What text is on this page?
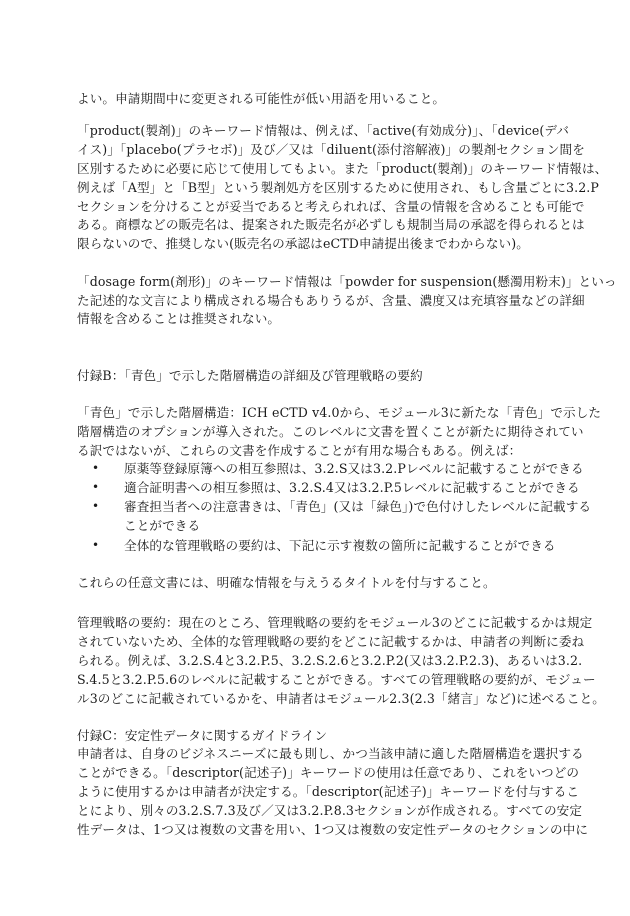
よい。申請期間中に変更される可能性が低い用語を用いること。
「product(製剤)」のキーワード情報は、例えば、「active(有効成分)」、「device(デバ
イス)」「placebo(プラセボ)」及び／又は「diluent(添付溶解液)」の製剤セクション間を
区別するために必要に応じて使用してもよい。また「product(製剤)」のキーワード情報は、
例えば「A型」と「B型」という製剤処方を区別するために使用され、もし含量ごとに3.2.P
セクションを分けることが妥当であると考えられれば、含量の情報を含めることも可能で
ある。商標などの販売名は、提案された販売名が必ずしも規制当局の承認を得られるとは
限らないので、推奨しない(販売名の承認はeCTD申請提出後までわからない)。
「dosage form(剤形)」のキーワード情報は「powder for suspension(懸濁用粉末)」といっ
た記述的な文言により構成される場合もありうるが、含量、濃度又は充填容量などの詳細
情報を含めることは推奨されない。
付録B：「青色」で示した階層構造の詳細及び管理戦略の要約
「青色」で示した階層構造：ICH eCTD v4.0から、モジュール3に新たな「青色」で示した
階層構造のオプションが導入された。このレベルに文書を置くことが新たに期待されてい
る訳ではないが、これらの文書を作成することが有用な場合もある。例えば：
• 原薬等登録原簿への相互参照は、3.2.S又は3.2.Pレベルに記載することができる
• 適合証明書への相互参照は、3.2.S.4又は3.2.P.5レベルに記載することができる
• 審査担当者への注意書きは、「青色」(又は「緑色」)で色付けしたレベルに記載する
ことができる
• 全体的な管理戦略の要約は、下記に示す複数の箇所に記載することができる
これらの任意文書には、明確な情報を与えうるタイトルを付与すること。
管理戦略の要約：現在のところ、管理戦略の要約をモジュール3のどこに記載するかは規定
されていないため、全体的な管理戦略の要約をどこに記載するかは、申請者の判断に委ね
られる。例えば、3.2.S.4と3.2.P.5、3.2.S.2.6と3.2.P.2(又は3.2.P.2.3)、あるいは3.2.
S.4.5と3.2.P.5.6のレベルに記載することができる。すべての管理戦略の要約が、モジュー
ル3のどこに記載されているかを、申請者はモジュール2.3(2.3「緒言」など)に述べること。
付録C：安定性データに関するガイドライン
申請者は、自身のビジネスニーズに最も則し、かつ当該申請に適した階層構造を選択する
ことができる。「descriptor(記述子)」キーワードの使用は任意であり、これをいつどの
ように使用するかは申請者が決定する。「descriptor(記述子)」キーワードを付与するこ
とにより、別々の3.2.S.7.3及び／又は3.2.P.8.3セクションが作成される。すべての安定
性データは、1つ又は複数の文書を用い、1つ又は複数の安定性データのセクションの中に
